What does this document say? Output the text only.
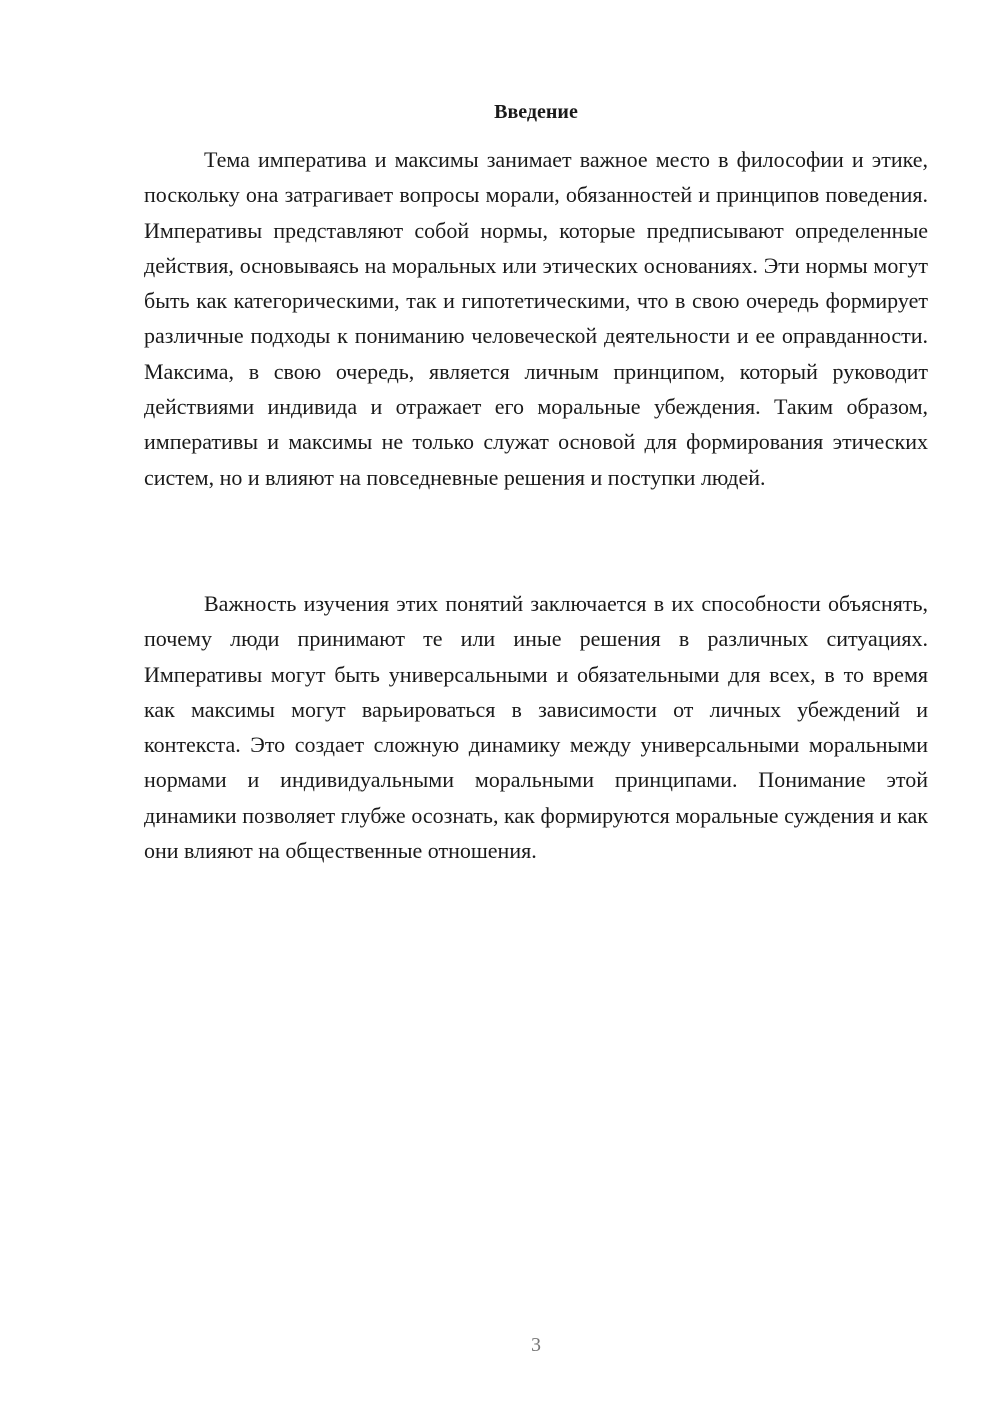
Введение

Тема императива и максимы занимает важное место в философии и этике, поскольку она затрагивает вопросы морали, обязанностей и принципов поведения. Императивы представляют собой нормы, которые предписывают определенные действия, основываясь на моральных или этических основаниях. Эти нормы могут быть как категорическими, так и гипотетическими, что в свою очередь формирует различные подходы к пониманию человеческой деятельности и ее оправданности. Максима, в свою очередь, является личным принципом, который руководит действиями индивида и отражает его моральные убеждения. Таким образом, императивы и максимы не только служат основой для формирования этических систем, но и влияют на повседневные решения и поступки людей.

Важность изучения этих понятий заключается в их способности объяснять, почему люди принимают те или иные решения в различных ситуациях. Императивы могут быть универсальными и обязательными для всех, в то время как максимы могут варьироваться в зависимости от личных убеждений и контекста. Это создает сложную динамику между универсальными моральными нормами и индивидуальными моральными принципами. Понимание этой динамики позволяет глубже осознать, как формируются моральные суждения и как они влияют на общественные отношения.

3
